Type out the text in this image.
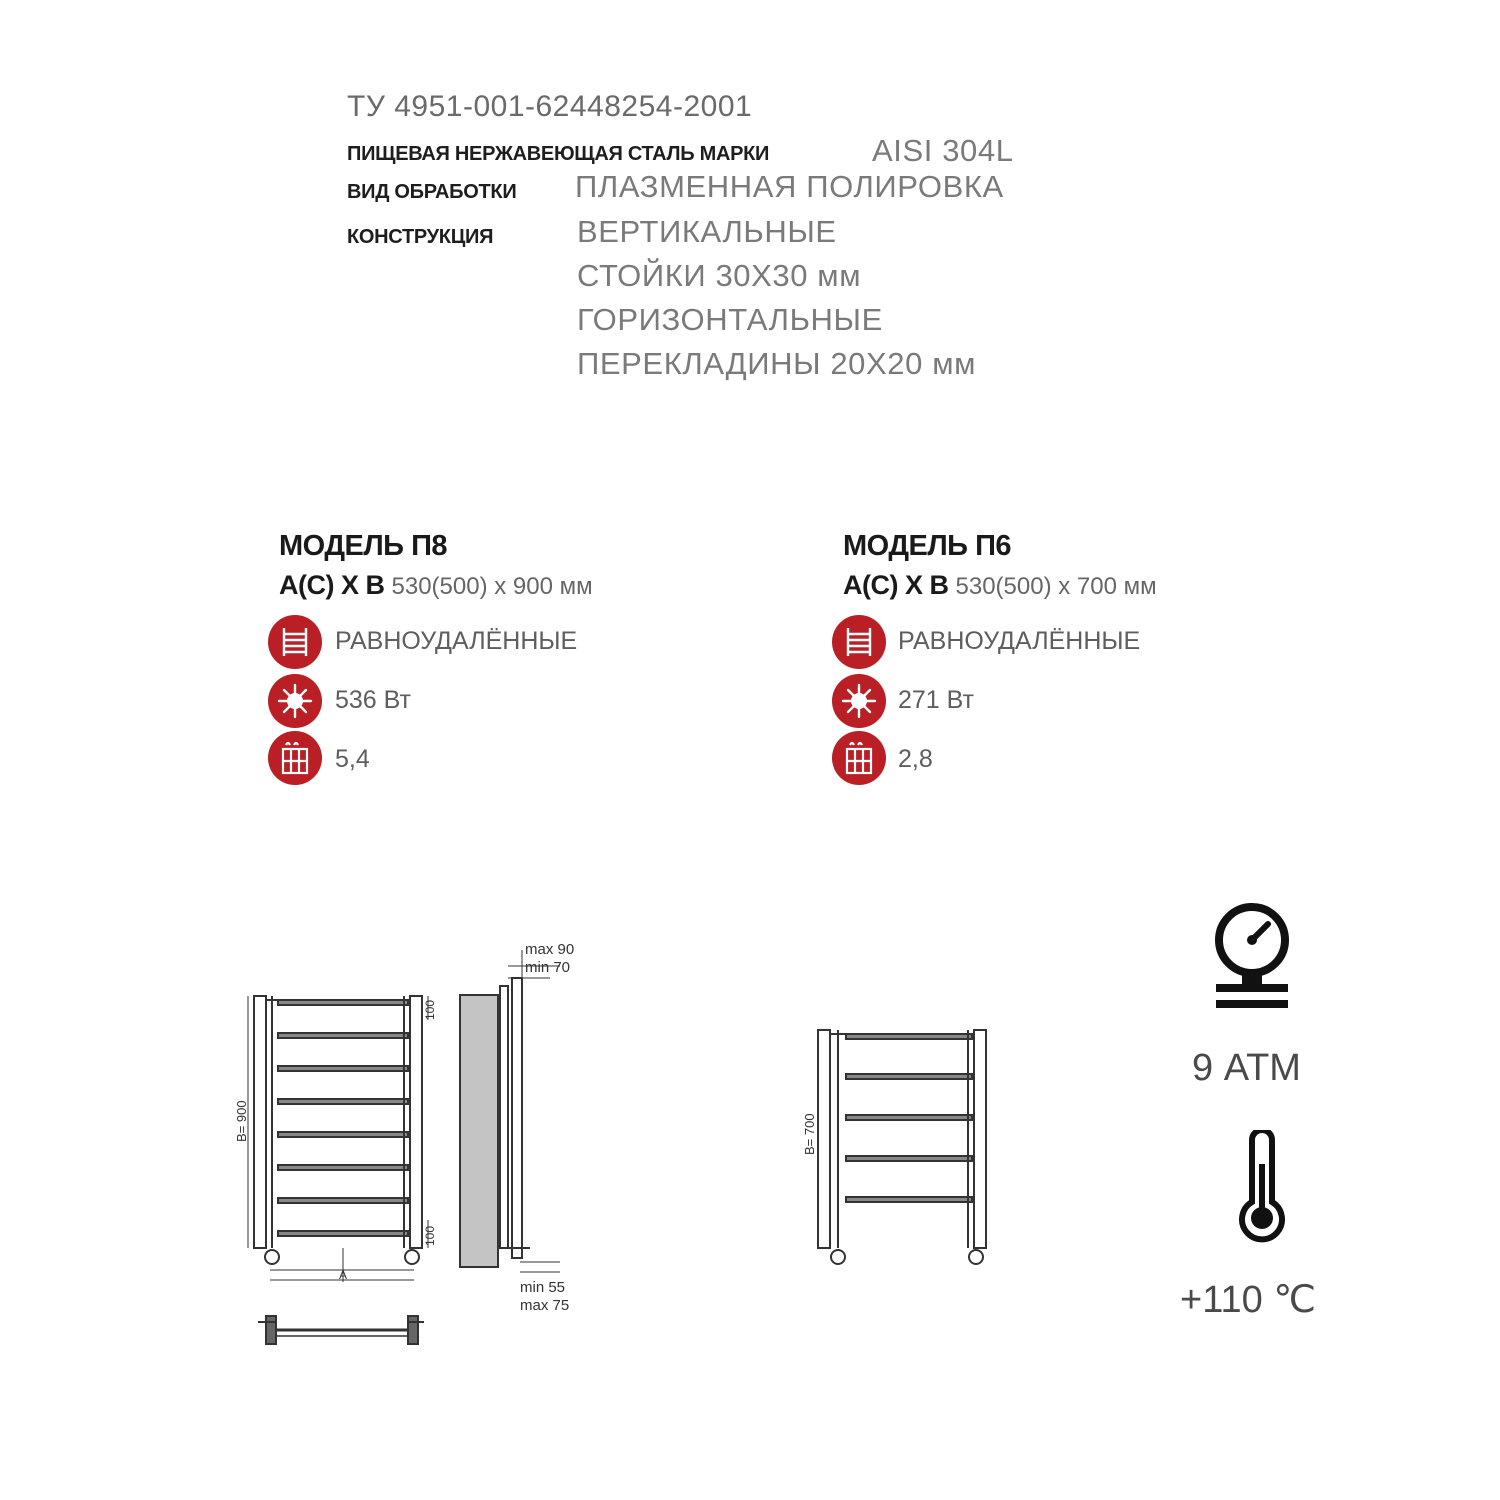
ТУ 4951-001-62448254-2001
ПИЩЕВАЯ НЕРЖАВЕЮЩАЯ СТАЛЬ МАРКИ	AISI 304L
ВИД ОБРАБОТКИ ПЛАЗМЕННАЯ ПОЛИРОВКА
КОНСТРУКЦИЯ	ВЕРТИКАЛЬНЫЕ
СТОЙКИ 30X30 мм
ГОРИЗОНТАЛЬНЫЕ
ПЕРЕКЛАДИНЫ 20X20 мм
МОДЕЛЬ П8
A(C) X B 530(500) x 900 мм
РАВНОУДАЛЁННЫЕ
536 Вт
5,4
МОДЕЛЬ П6
A(C) X B 530(500) x 700 мм
РАВНОУДАЛЁННЫЕ
271 Вт
2,8
B= 900
100
100
A
max 90
min 70
min 55
max 75
B= 700
9 АТМ
+110 ℃
